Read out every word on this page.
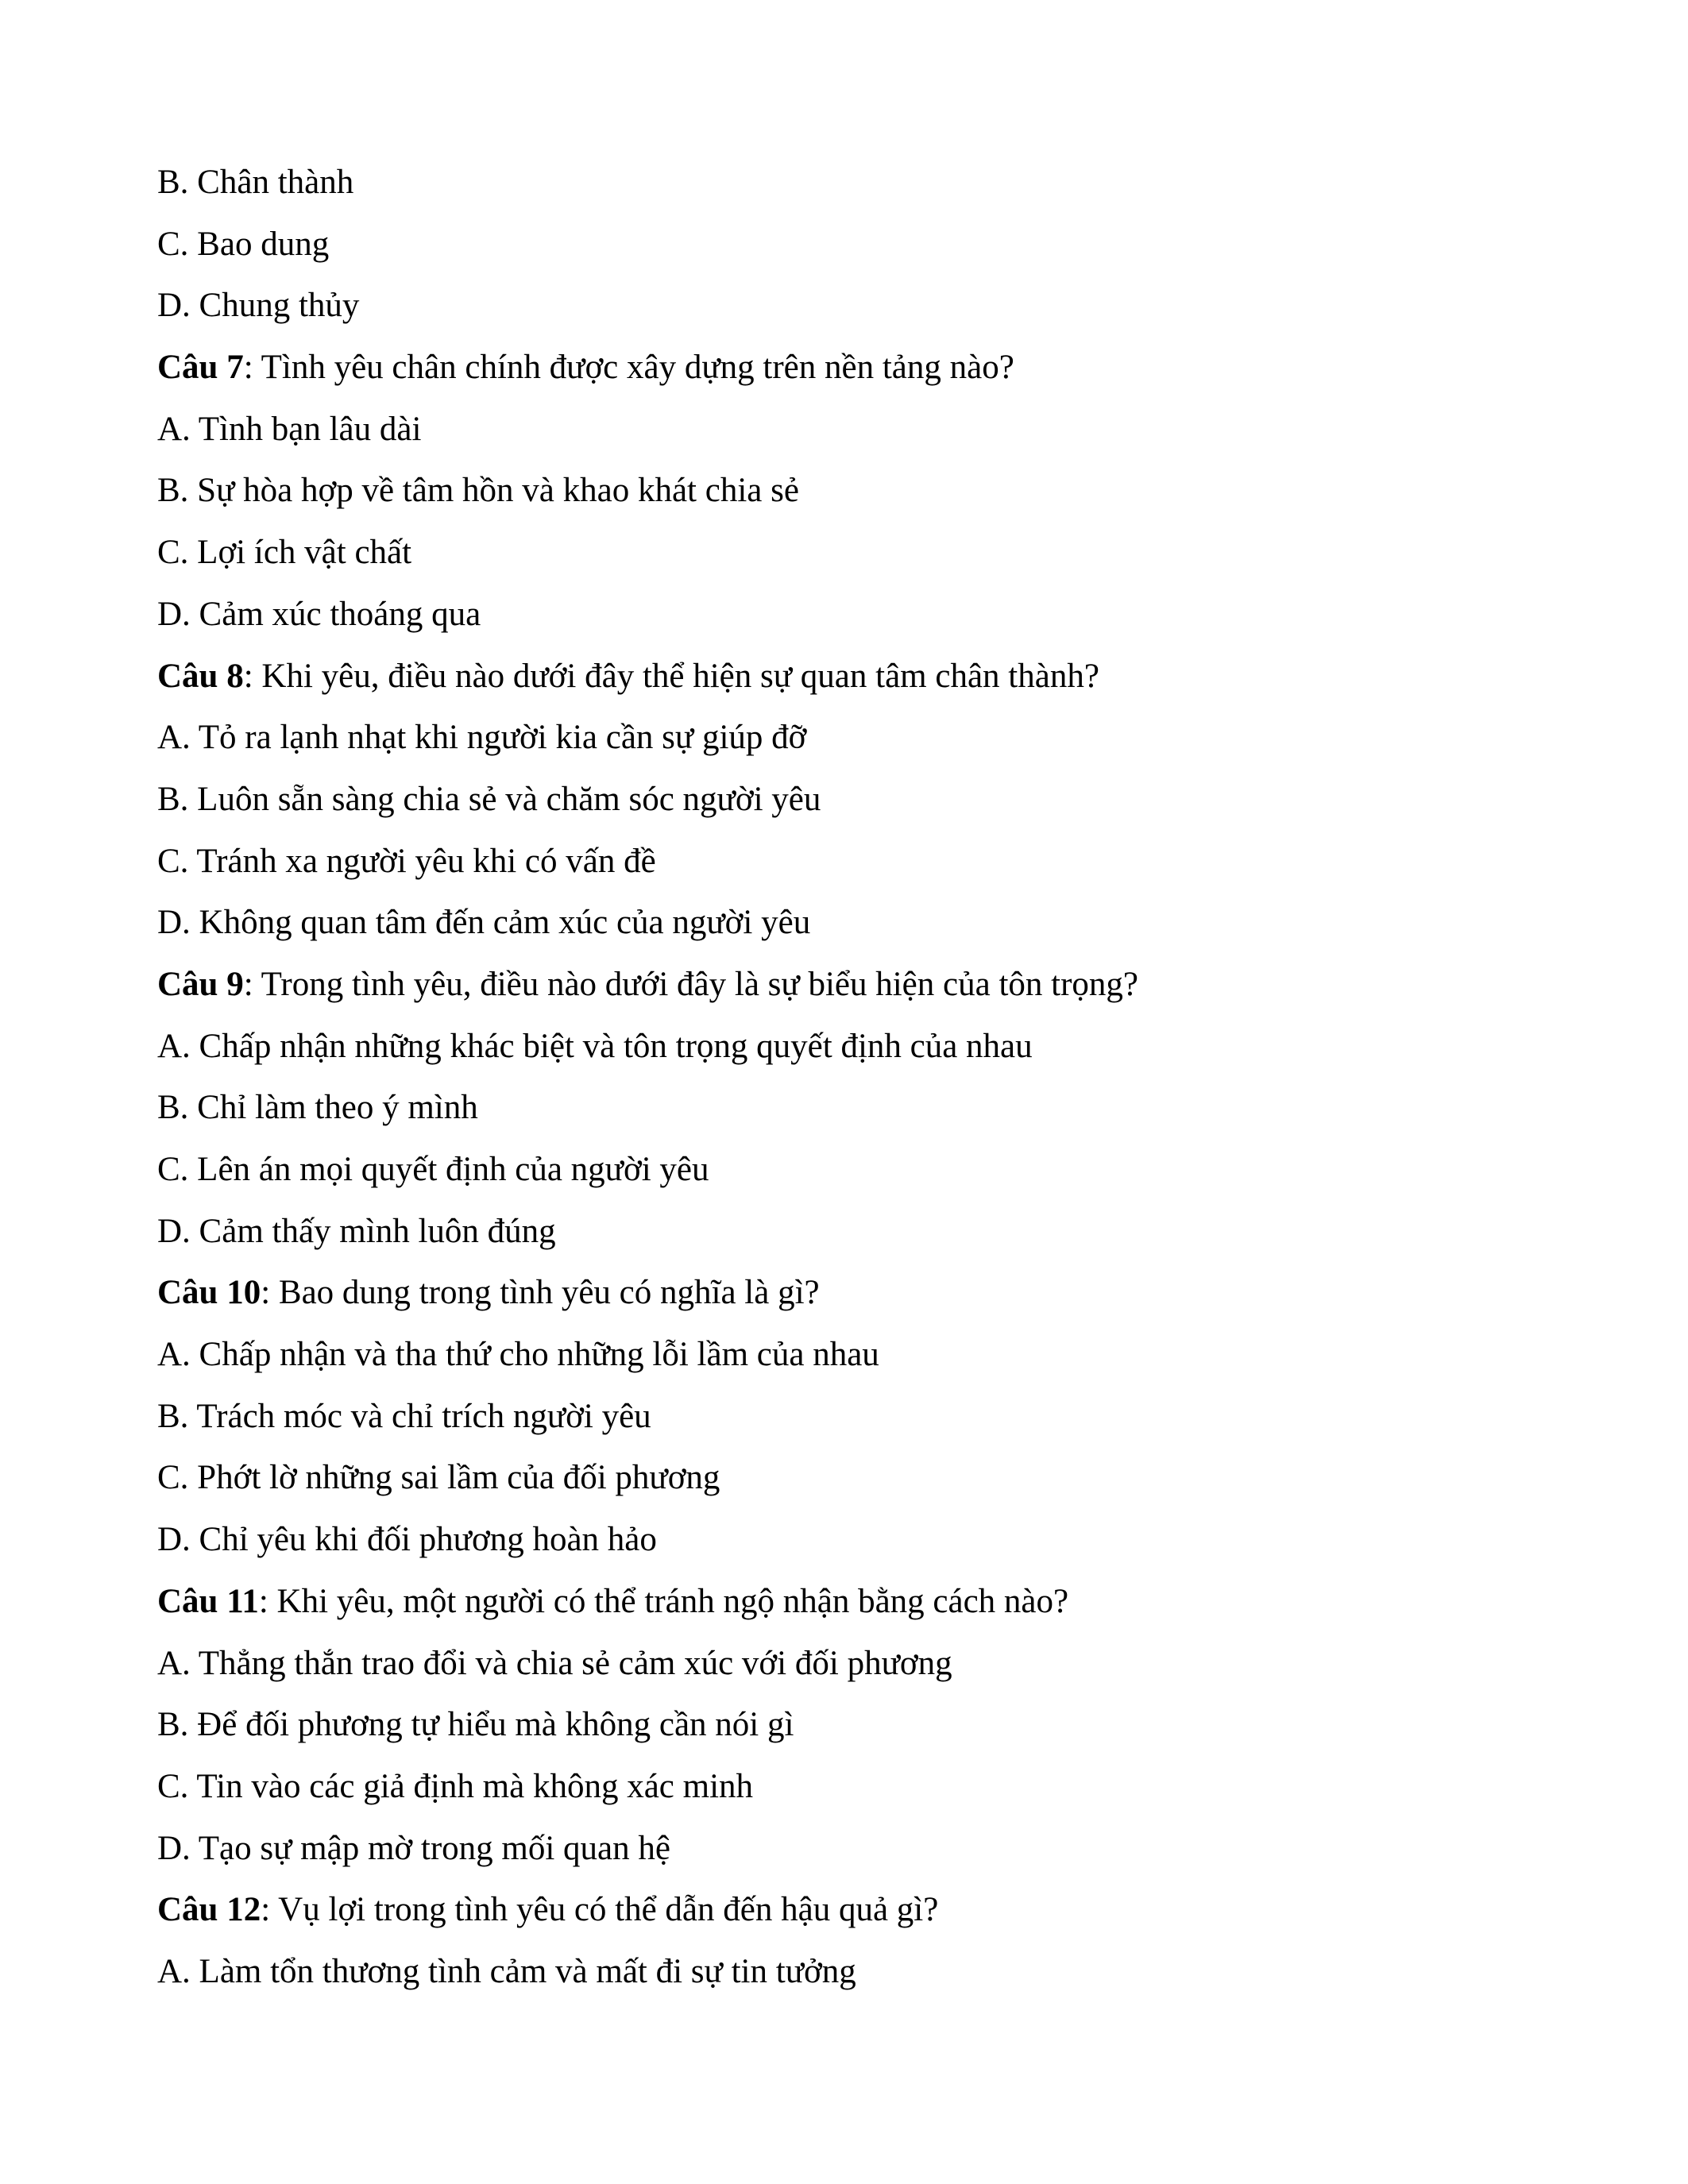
B. Chân thành
C. Bao dung
D. Chung thủy
Câu 7: Tình yêu chân chính được xây dựng trên nền tảng nào?
A. Tình bạn lâu dài
B. Sự hòa hợp về tâm hồn và khao khát chia sẻ
C. Lợi ích vật chất
D. Cảm xúc thoáng qua
Câu 8: Khi yêu, điều nào dưới đây thể hiện sự quan tâm chân thành?
A. Tỏ ra lạnh nhạt khi người kia cần sự giúp đỡ
B. Luôn sẵn sàng chia sẻ và chăm sóc người yêu
C. Tránh xa người yêu khi có vấn đề
D. Không quan tâm đến cảm xúc của người yêu
Câu 9: Trong tình yêu, điều nào dưới đây là sự biểu hiện của tôn trọng?
A. Chấp nhận những khác biệt và tôn trọng quyết định của nhau
B. Chỉ làm theo ý mình
C. Lên án mọi quyết định của người yêu
D. Cảm thấy mình luôn đúng
Câu 10: Bao dung trong tình yêu có nghĩa là gì?
A. Chấp nhận và tha thứ cho những lỗi lầm của nhau
B. Trách móc và chỉ trích người yêu
C. Phớt lờ những sai lầm của đối phương
D. Chỉ yêu khi đối phương hoàn hảo
Câu 11: Khi yêu, một người có thể tránh ngộ nhận bằng cách nào?
A. Thẳng thắn trao đổi và chia sẻ cảm xúc với đối phương
B. Để đối phương tự hiểu mà không cần nói gì
C. Tin vào các giả định mà không xác minh
D. Tạo sự mập mờ trong mối quan hệ
Câu 12: Vụ lợi trong tình yêu có thể dẫn đến hậu quả gì?
A. Làm tổn thương tình cảm và mất đi sự tin tưởng
